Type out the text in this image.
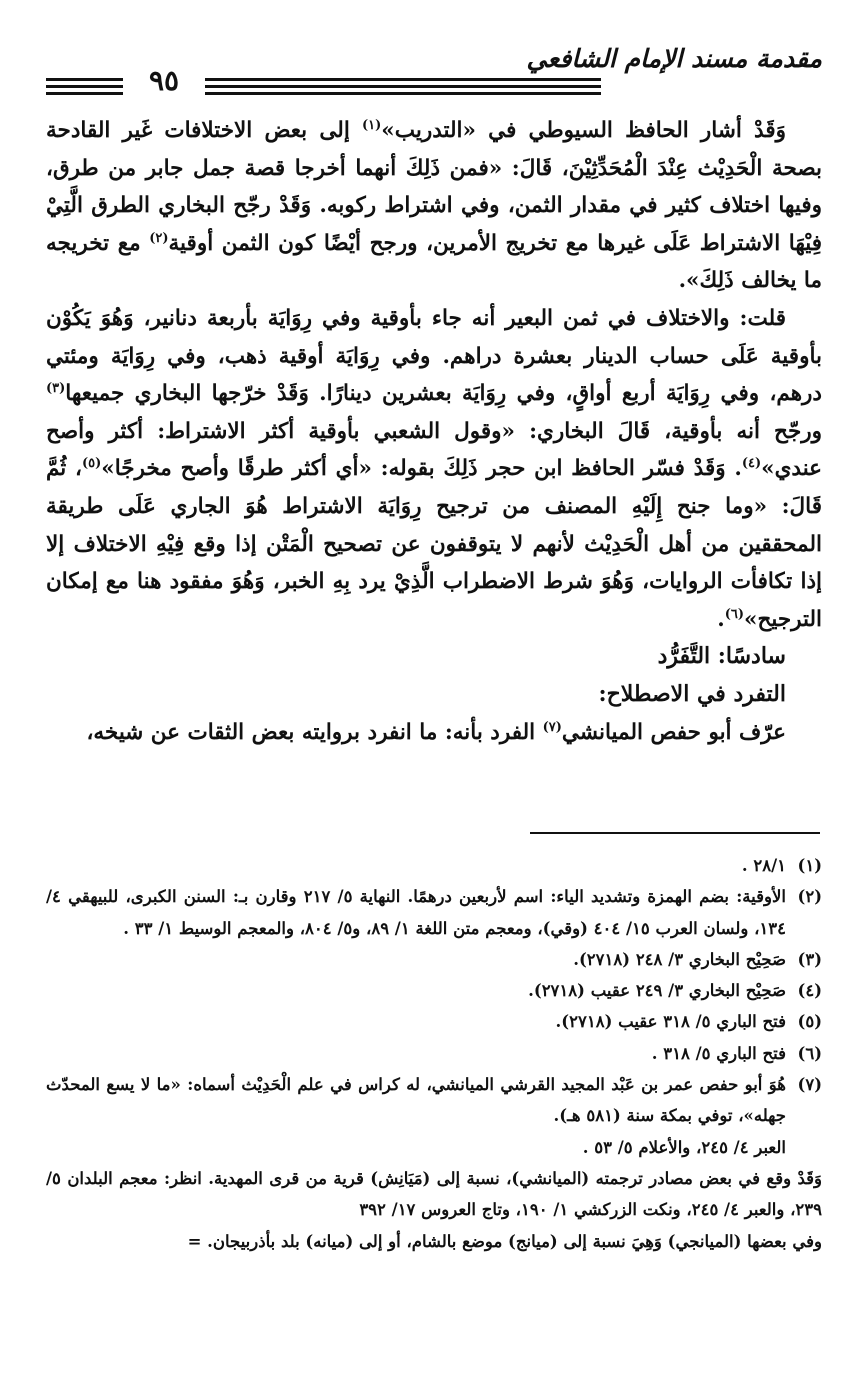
مقدمة مسند الإمام الشافعي
٩٥

وَقَدْ أشار الحافظ السيوطي في «التدريب»$^{(١)}$ إلى بعض الاختلافات غَير القادحة بصحة الْحَدِيْث عِنْدَ الْمُحَدِّثِيْنَ، قَالَ: «فمن ذَلِكَ أنهما أخرجا قصة جمل جابر من طرق، وفيها اختلاف كثير في مقدار الثمن، وفي اشتراط ركوبه. وَقَدْ رجّح البخاري الطرق الَّتِيْ فِيْهَا الاشتراط عَلَى غيرها مع تخريج الأمرين، ورجح أيْضًا كون الثمن أوقية$^{(٢)}$ مع تخريجه ما يخالف ذَلِكَ».

قلت: والاختلاف في ثمن البعير أنه جاء بأوقية وفي رِوَايَة بأربعة دنانير، وَهُوَ يَكُوْن بأوقية عَلَى حساب الدينار بعشرة دراهم. وفي رِوَايَة أوقية ذهب، وفي رِوَايَة ومئتي درهم، وفي رِوَايَة أربع أواقٍ، وفي رِوَايَة بعشرين دينارًا. وَقَدْ خرّجها البخاري جميعها$^{(٣)}$ ورجّح أنه بأوقية، قَالَ البخاري: «وقول الشعبي بأوقية أكثر الاشتراط: أكثر وأصح عندي»$^{(٤)}$. وَقَدْ فسّر الحافظ ابن حجر ذَلِكَ بقوله: «أي أكثر طرقًا وأصح مخرجًا»$^{(٥)}$، ثُمَّ قَالَ: «وما جنح إِلَيْهِ المصنف من ترجيح رِوَايَة الاشتراط هُوَ الجاري عَلَى طريقة المحققين من أهل الْحَدِيْث لأنهم لا يتوقفون عن تصحيح الْمَتْن إذا وقع فِيْهِ الاختلاف إلا إذا تكافأت الروايات، وَهُوَ شرط الاضطراب الَّذِيْ يرد بِهِ الخبر، وَهُوَ مفقود هنا مع إمكان الترجيح»$^{(٦)}$.

سادسًا: التَّفَرُّد

التفرد في الاصطلاح:

عرّف أبو حفص الميانشي$^{(٧)}$ الفرد بأنه: ما انفرد بروايته بعض الثقات عن شيخه،

(١)
٢٨/١ .
(٢)
الأوقية: بضم الهمزة وتشديد الياء: اسم لأربعين درهمًا. النهاية ٥/ ٢١٧ وقارن بـ: السنن الكبرى، للبيهقي ٤/ ١٣٤، ولسان العرب ١٥/ ٤٠٤ (وقي)، ومعجم متن اللغة ١/ ٨٩، و٥/ ٨٠٤، والمعجم الوسيط ١/ ٣٣ .
(٣)
صَحِيْح البخاري ٣/ ٢٤٨ (٢٧١٨).
(٤)
صَحِيْح البخاري ٣/ ٢٤٩ عقيب (٢٧١٨).
(٥)
فتح الباري ٥/ ٣١٨ عقيب (٢٧١٨).
(٦)
فتح الباري ٥/ ٣١٨ .
(٧)
هُوَ أبو حفص عمر بن عَبْد المجيد القرشي الميانشي، له كراس في علم الْحَدِيْث أسماه: «ما لا يسع المحدّث جهله»، توفي بمكة سنة (٥٨١ هـ).
العبر ٤/ ٢٤٥، والأعلام ٥/ ٥٣ .
وَقَدْ وقع في بعض مصادر ترجمته (الميانشي)، نسبة إلى (مَيَانِش) قرية من قرى المهدية. انظر: معجم البلدان ٥/ ٢٣٩، والعبر ٤/ ٢٤٥، ونكت الزركشي ١/ ١٩٠، وتاج العروس ١٧/ ٣٩٢
وفي بعضها (الميانجي) وَهِيَ نسبة إلى (ميانج) موضع بالشام، أو إلى (ميانه) بلد بأذربيجان. =
